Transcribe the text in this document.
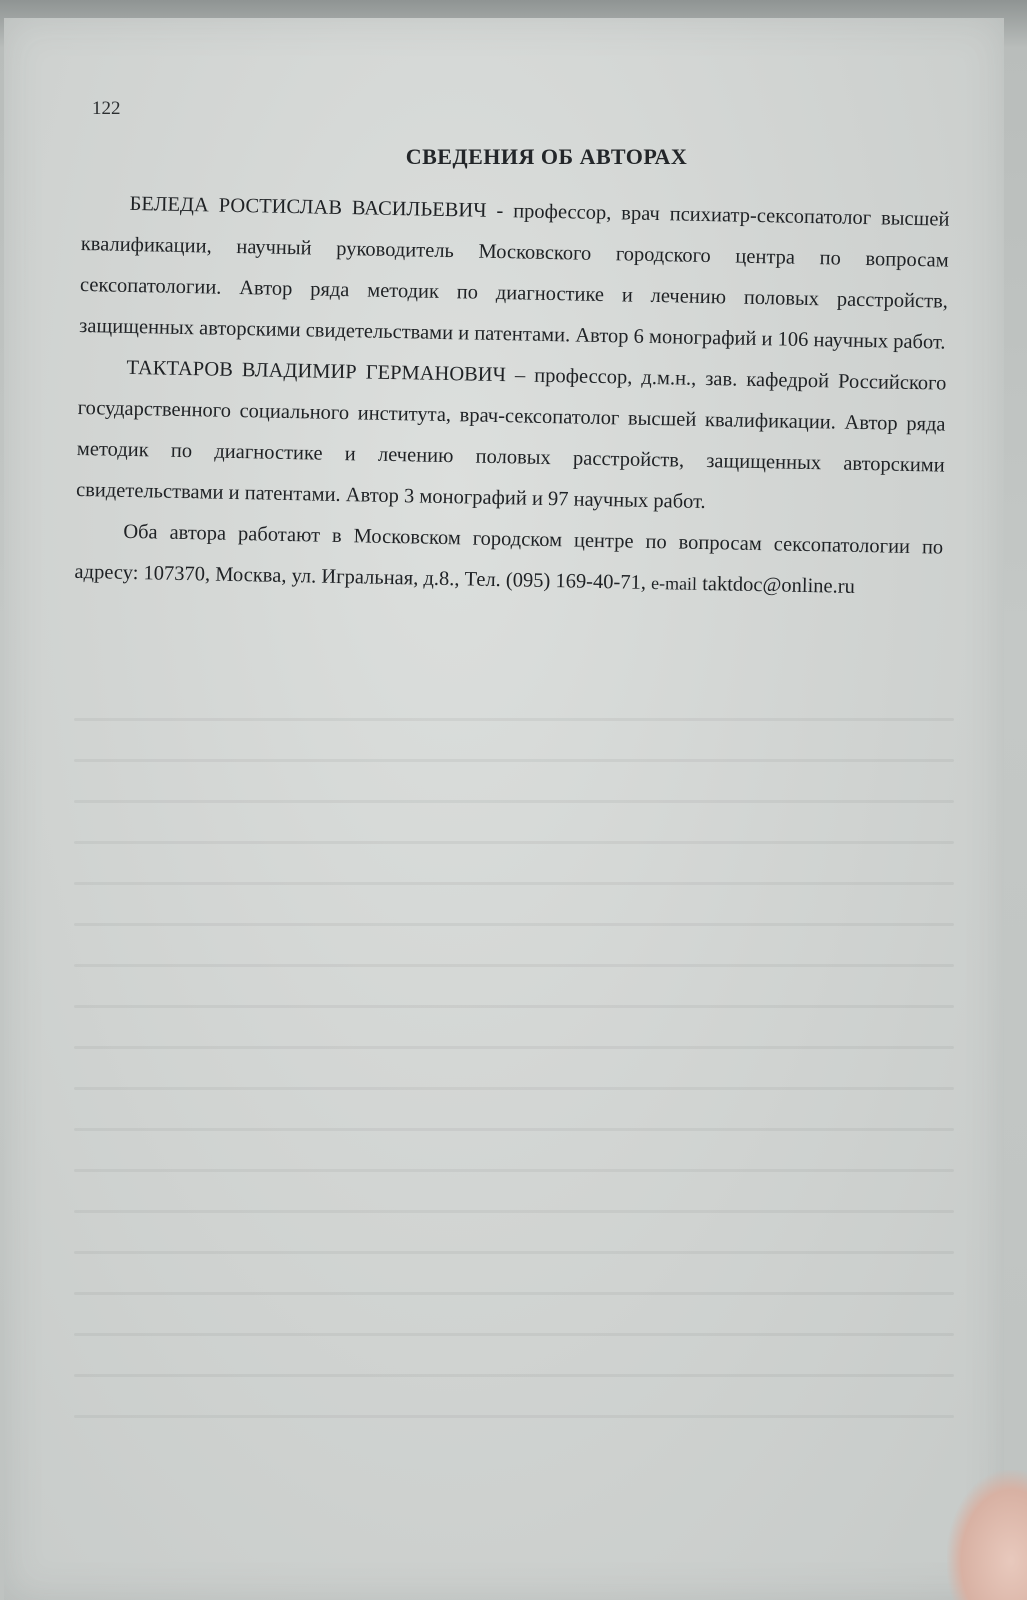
122
СВЕДЕНИЯ ОБ АВТОРАХ

БЕЛЕДА РОСТИСЛАВ ВАСИЛЬЕВИЧ - профессор, врач психиатр-сексопатолог высшей квалификации, научный руководитель Московского городского центра по вопросам сексопатологии. Автор ряда методик по диагностике и лечению половых расстройств, защищенных авторскими свидетельствами и патентами. Автор 6 монографий и 106 научных работ.

ТАКТАРОВ ВЛАДИМИР ГЕРМАНОВИЧ – профессор, д.м.н., зав. кафедрой Российского государственного социального института, врач-сексопатолог высшей квалификации. Автор ряда методик по диагностике и лечению половых расстройств, защищенных авторскими свидетельствами и патентами. Автор 3 монографий и 97 научных работ.

Оба автора работают в Московском городском центре по вопросам сексопатологии по адресу: 107370, Москва, ул. Игральная, д.8., Тел. (095) 169-40-71, e-mail taktdoc@online.ru
